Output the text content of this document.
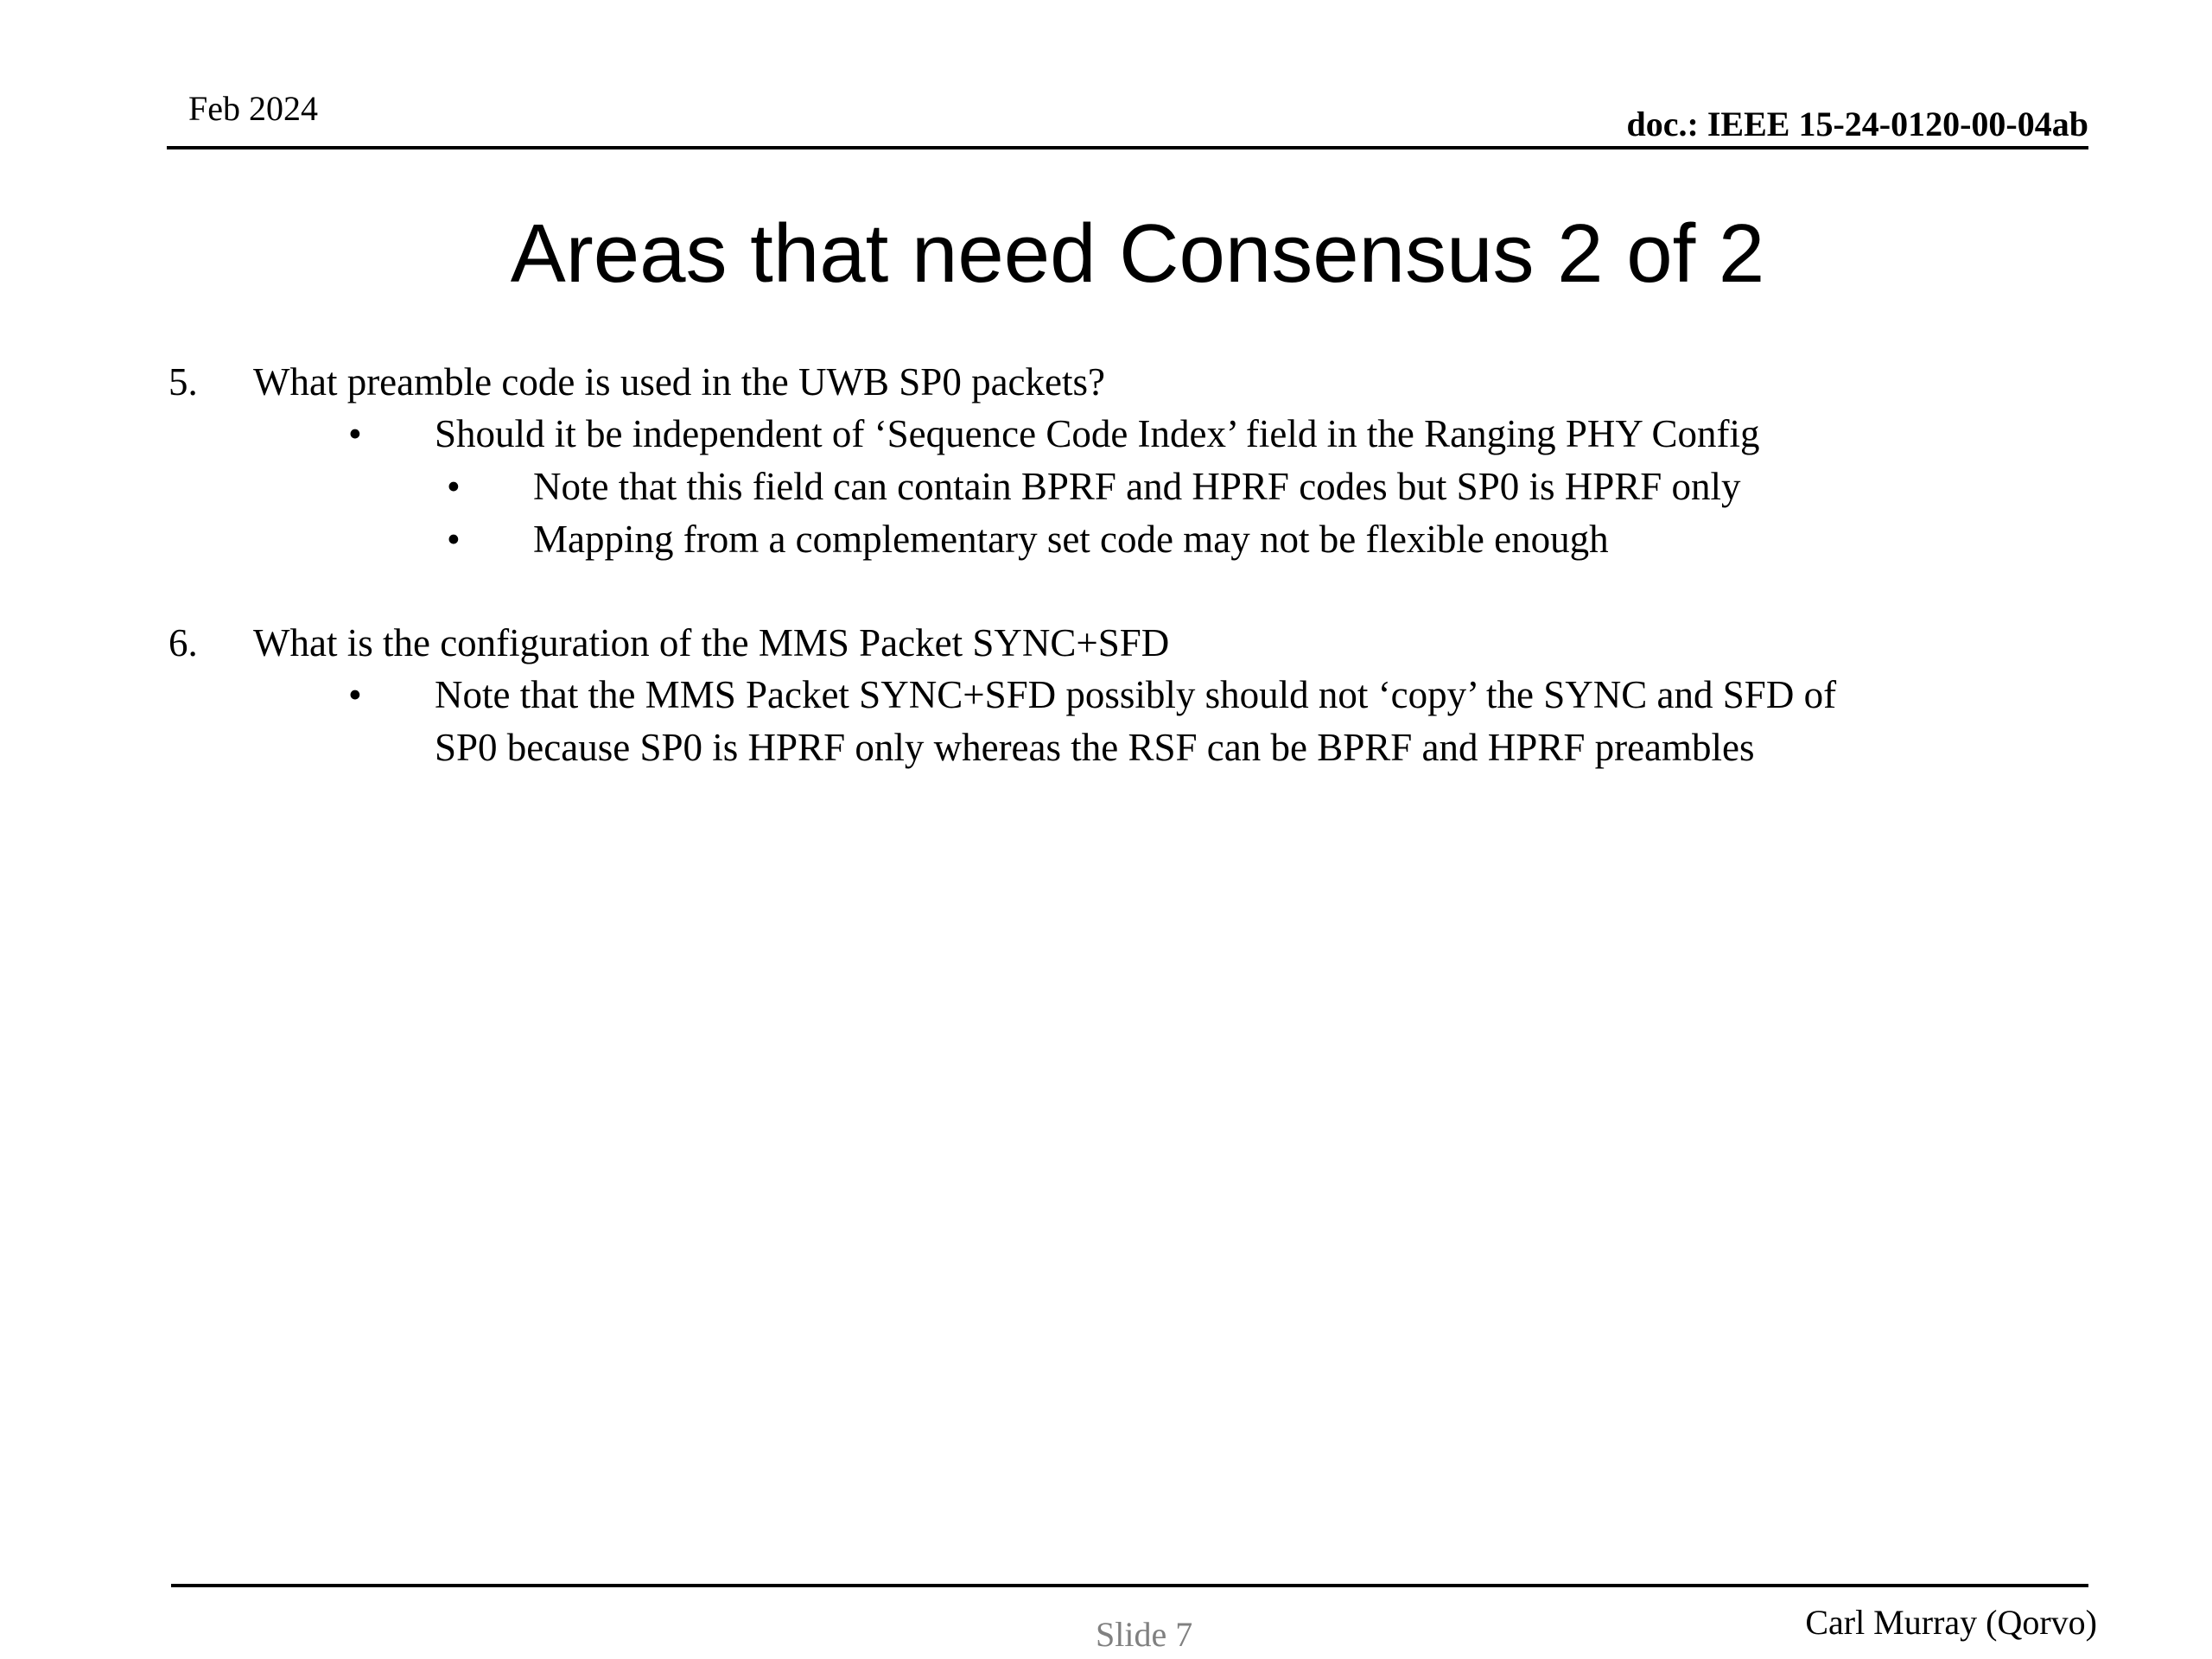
Feb 2024	doc.: IEEE 15-24-0120-00-04ab
Areas that need Consensus 2 of 2
5. What preamble code is used in the UWB SP0 packets?
• Should it be independent of ‘Sequence Code Index’ field in the Ranging PHY Config
• Note that this field can contain BPRF and HPRF codes but SP0 is HPRF only
• Mapping from a complementary set code may not be flexible enough
6. What is the configuration of the MMS Packet SYNC+SFD
• Note that the MMS Packet SYNC+SFD possibly should not ‘copy’ the SYNC and SFD of
SP0 because SP0 is HPRF only whereas the RSF can be BPRF and HPRF preambles
Slide 7	Carl Murray (Qorvo)
